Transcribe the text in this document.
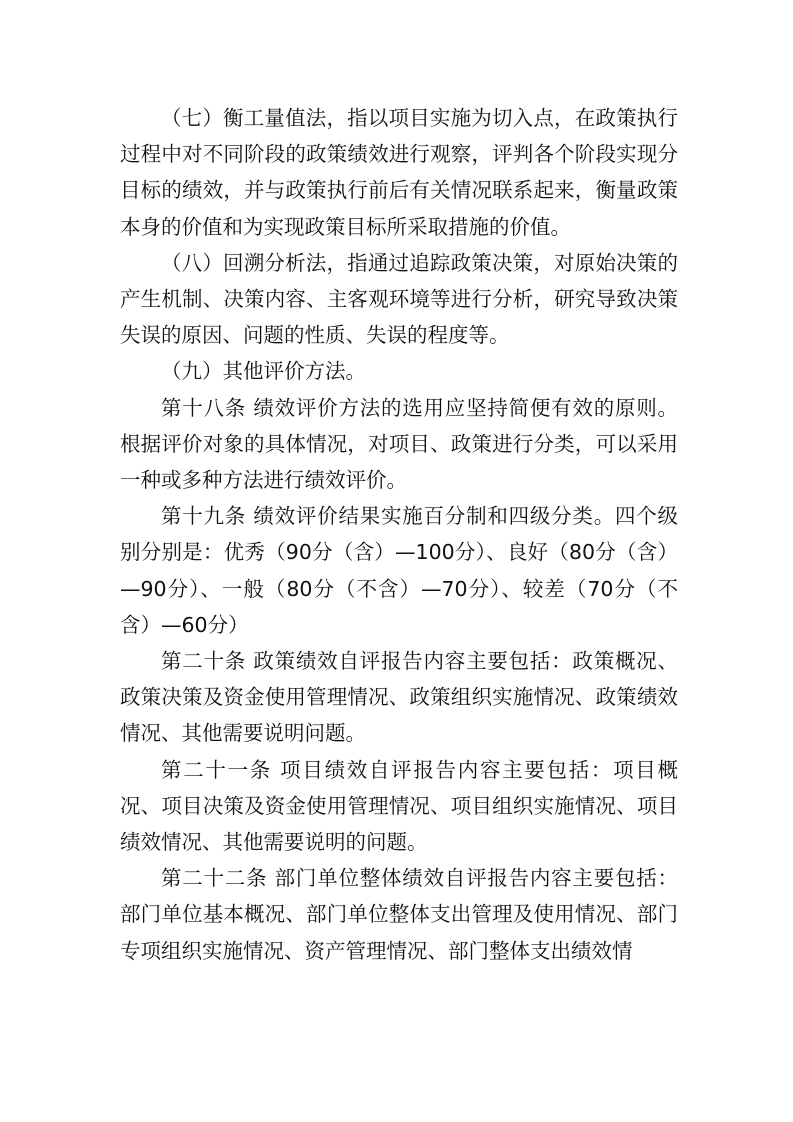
（七）衡工量值法，指以项目实施为切入点，在政策执行过程中对不同阶段的政策绩效进行观察，评判各个阶段实现分目标的绩效，并与政策执行前后有关情况联系起来，衡量政策本身的价值和为实现政策目标所采取措施的价值。

（八）回溯分析法，指通过追踪政策决策，对原始决策的产生机制、决策内容、主客观环境等进行分析，研究导致决策失误的原因、问题的性质、失误的程度等。

（九）其他评价方法。

第十八条 绩效评价方法的选用应坚持简便有效的原则。根据评价对象的具体情况，对项目、政策进行分类，可以采用一种或多种方法进行绩效评价。

第十九条 绩效评价结果实施百分制和四级分类。四个级别分别是：优秀（90分（含）—100分）、良好（80分（含）—90分）、一般（80分（不含）—70分）、较差（70分（不含）—60分）

第二十条 政策绩效自评报告内容主要包括：政策概况、政策决策及资金使用管理情况、政策组织实施情况、政策绩效情况、其他需要说明问题。

第二十一条 项目绩效自评报告内容主要包括：项目概况、项目决策及资金使用管理情况、项目组织实施情况、项目绩效情况、其他需要说明的问题。

第二十二条 部门单位整体绩效自评报告内容主要包括：部门单位基本概况、部门单位整体支出管理及使用情况、部门专项组织实施情况、资产管理情况、部门整体支出绩效情
